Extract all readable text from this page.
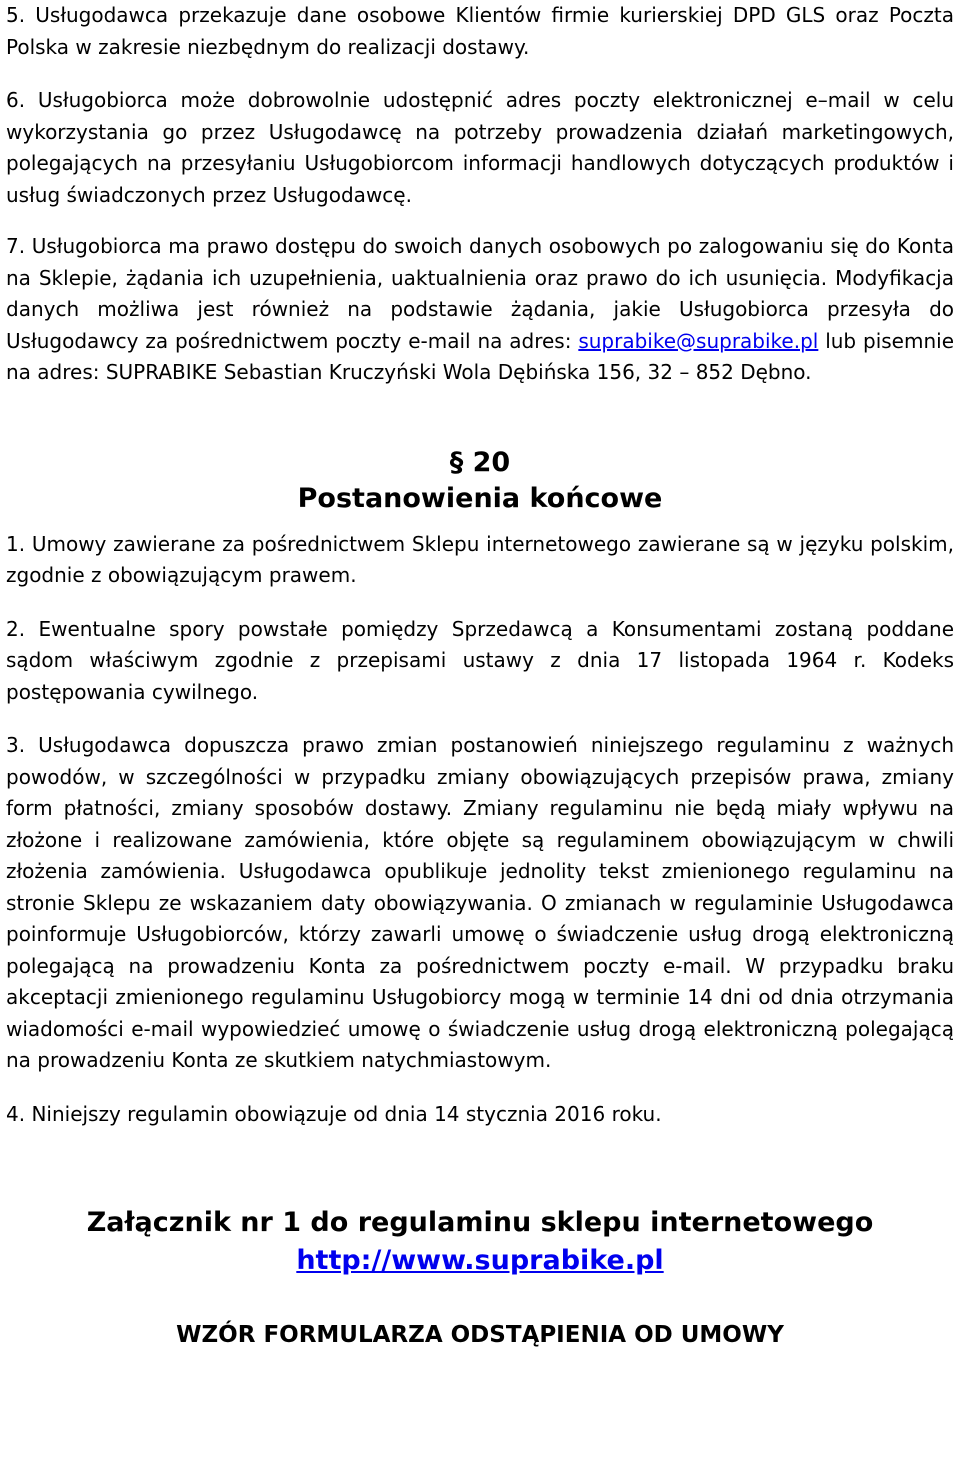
5. Usługodawca przekazuje dane osobowe Klientów firmie kurierskiej DPD GLS oraz Poczta Polska w zakresie niezbędnym do realizacji dostawy.

6. Usługobiorca może dobrowolnie udostępnić adres poczty elektronicznej e–mail w celu wykorzystania go przez Usługodawcę na potrzeby prowadzenia działań marketingowych, polegających na przesyłaniu Usługobiorcom informacji handlowych dotyczących produktów i usług świadczonych przez Usługodawcę.

7. Usługobiorca ma prawo dostępu do swoich danych osobowych po zalogowaniu się do Konta na Sklepie, żądania ich uzupełnienia, uaktualnienia oraz prawo do ich usunięcia. Modyfikacja danych możliwa jest również na podstawie żądania, jakie Usługobiorca przesyła do Usługodawcy za pośrednictwem poczty e-mail na adres: suprabike@suprabike.pl lub pisemnie na adres: SUPRABIKE Sebastian Kruczyński Wola Dębińska 156, 32 – 852 Dębno.

§ 20

Postanowienia końcowe

1. Umowy zawierane za pośrednictwem Sklepu internetowego zawierane są w języku polskim, zgodnie z obowiązującym prawem.

2. Ewentualne spory powstałe pomiędzy Sprzedawcą a Konsumentami zostaną poddane sądom właściwym zgodnie z przepisami ustawy z dnia 17 listopada 1964 r. Kodeks postępowania cywilnego.

3. Usługodawca dopuszcza prawo zmian postanowień niniejszego regulaminu z ważnych powodów, w szczególności w przypadku zmiany obowiązujących przepisów prawa, zmiany form płatności, zmiany sposobów dostawy. Zmiany regulaminu nie będą miały wpływu na złożone i realizowane zamówienia, które objęte są regulaminem obowiązującym w chwili złożenia zamówienia. Usługodawca opublikuje jednolity tekst zmienionego regulaminu na stronie Sklepu ze wskazaniem daty obowiązywania. O zmianach w regulaminie Usługodawca poinformuje Usługobiorców, którzy zawarli umowę o świadczenie usług drogą elektroniczną polegającą na prowadzeniu Konta za pośrednictwem poczty e-mail. W przypadku braku akceptacji zmienionego regulaminu Usługobiorcy mogą w terminie 14 dni od dnia otrzymania wiadomości e-mail wypowiedzieć umowę o świadczenie usług drogą elektroniczną polegającą na prowadzeniu Konta ze skutkiem natychmiastowym.

4. Niniejszy regulamin obowiązuje od dnia 14 stycznia 2016 roku.

Załącznik nr 1 do regulaminu sklepu internetowego

http://www.suprabike.pl

WZÓR FORMULARZA ODSTĄPIENIA OD UMOWY
